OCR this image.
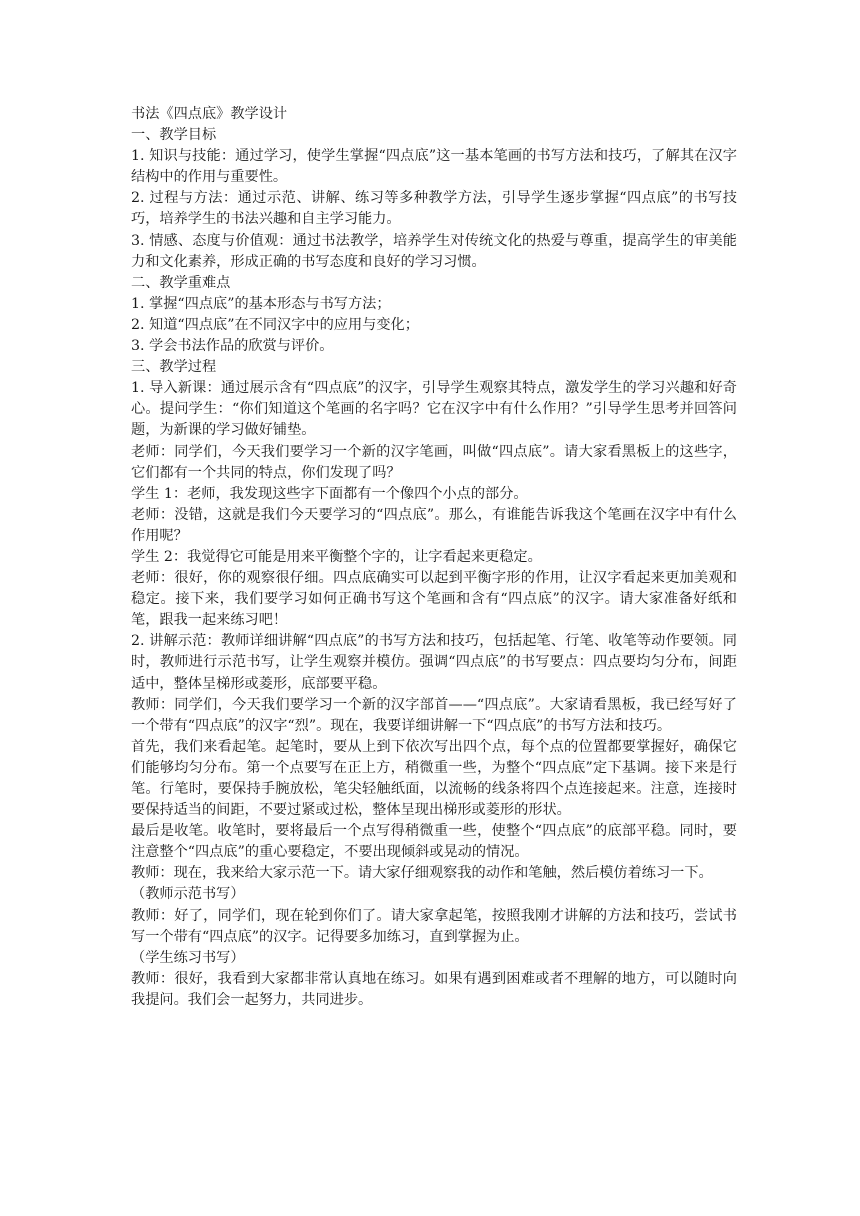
书法《四点底》教学设计

一、教学目标

1. 知识与技能：通过学习，使学生掌握“四点底”这一基本笔画的书写方法和技巧，了解其在汉字结构中的作用与重要性。

2. 过程与方法：通过示范、讲解、练习等多种教学方法，引导学生逐步掌握“四点底”的书写技巧，培养学生的书法兴趣和自主学习能力。

3. 情感、态度与价值观：通过书法教学，培养学生对传统文化的热爱与尊重，提高学生的审美能力和文化素养，形成正确的书写态度和良好的学习习惯。

二、教学重难点

1. 掌握“四点底”的基本形态与书写方法；

2. 知道“四点底”在不同汉字中的应用与变化；

3. 学会书法作品的欣赏与评价。

三、教学过程

1. 导入新课：通过展示含有“四点底”的汉字，引导学生观察其特点，激发学生的学习兴趣和好奇心。提问学生：“你们知道这个笔画的名字吗？它在汉字中有什么作用？”引导学生思考并回答问题，为新课的学习做好铺垫。

老师：同学们，今天我们要学习一个新的汉字笔画，叫做“四点底”。请大家看黑板上的这些字，它们都有一个共同的特点，你们发现了吗？

学生 1：老师，我发现这些字下面都有一个像四个小点的部分。

老师：没错，这就是我们今天要学习的“四点底”。那么，有谁能告诉我这个笔画在汉字中有什么作用呢？

学生 2：我觉得它可能是用来平衡整个字的，让字看起来更稳定。

老师：很好，你的观察很仔细。四点底确实可以起到平衡字形的作用，让汉字看起来更加美观和稳定。接下来，我们要学习如何正确书写这个笔画和含有“四点底”的汉字。请大家准备好纸和笔，跟我一起来练习吧！

2. 讲解示范：教师详细讲解“四点底”的书写方法和技巧，包括起笔、行笔、收笔等动作要领。同时，教师进行示范书写，让学生观察并模仿。强调“四点底”的书写要点：四点要均匀分布，间距适中，整体呈梯形或菱形，底部要平稳。

教师：同学们，今天我们要学习一个新的汉字部首——“四点底”。大家请看黑板，我已经写好了一个带有“四点底”的汉字“烈”。现在，我要详细讲解一下“四点底”的书写方法和技巧。

首先，我们来看起笔。起笔时，要从上到下依次写出四个点，每个点的位置都要掌握好，确保它们能够均匀分布。第一个点要写在正上方，稍微重一些，为整个“四点底”定下基调。接下来是行笔。行笔时，要保持手腕放松，笔尖轻触纸面，以流畅的线条将四个点连接起来。注意，连接时要保持适当的间距，不要过紧或过松，整体呈现出梯形或菱形的形状。

最后是收笔。收笔时，要将最后一个点写得稍微重一些，使整个“四点底”的底部平稳。同时，要注意整个“四点底”的重心要稳定，不要出现倾斜或晃动的情况。

教师：现在，我来给大家示范一下。请大家仔细观察我的动作和笔触，然后模仿着练习一下。

（教师示范书写）

教师：好了，同学们，现在轮到你们了。请大家拿起笔，按照我刚才讲解的方法和技巧，尝试书写一个带有“四点底”的汉字。记得要多加练习，直到掌握为止。

（学生练习书写）

教师：很好，我看到大家都非常认真地在练习。如果有遇到困难或者不理解的地方，可以随时向我提问。我们会一起努力，共同进步。
